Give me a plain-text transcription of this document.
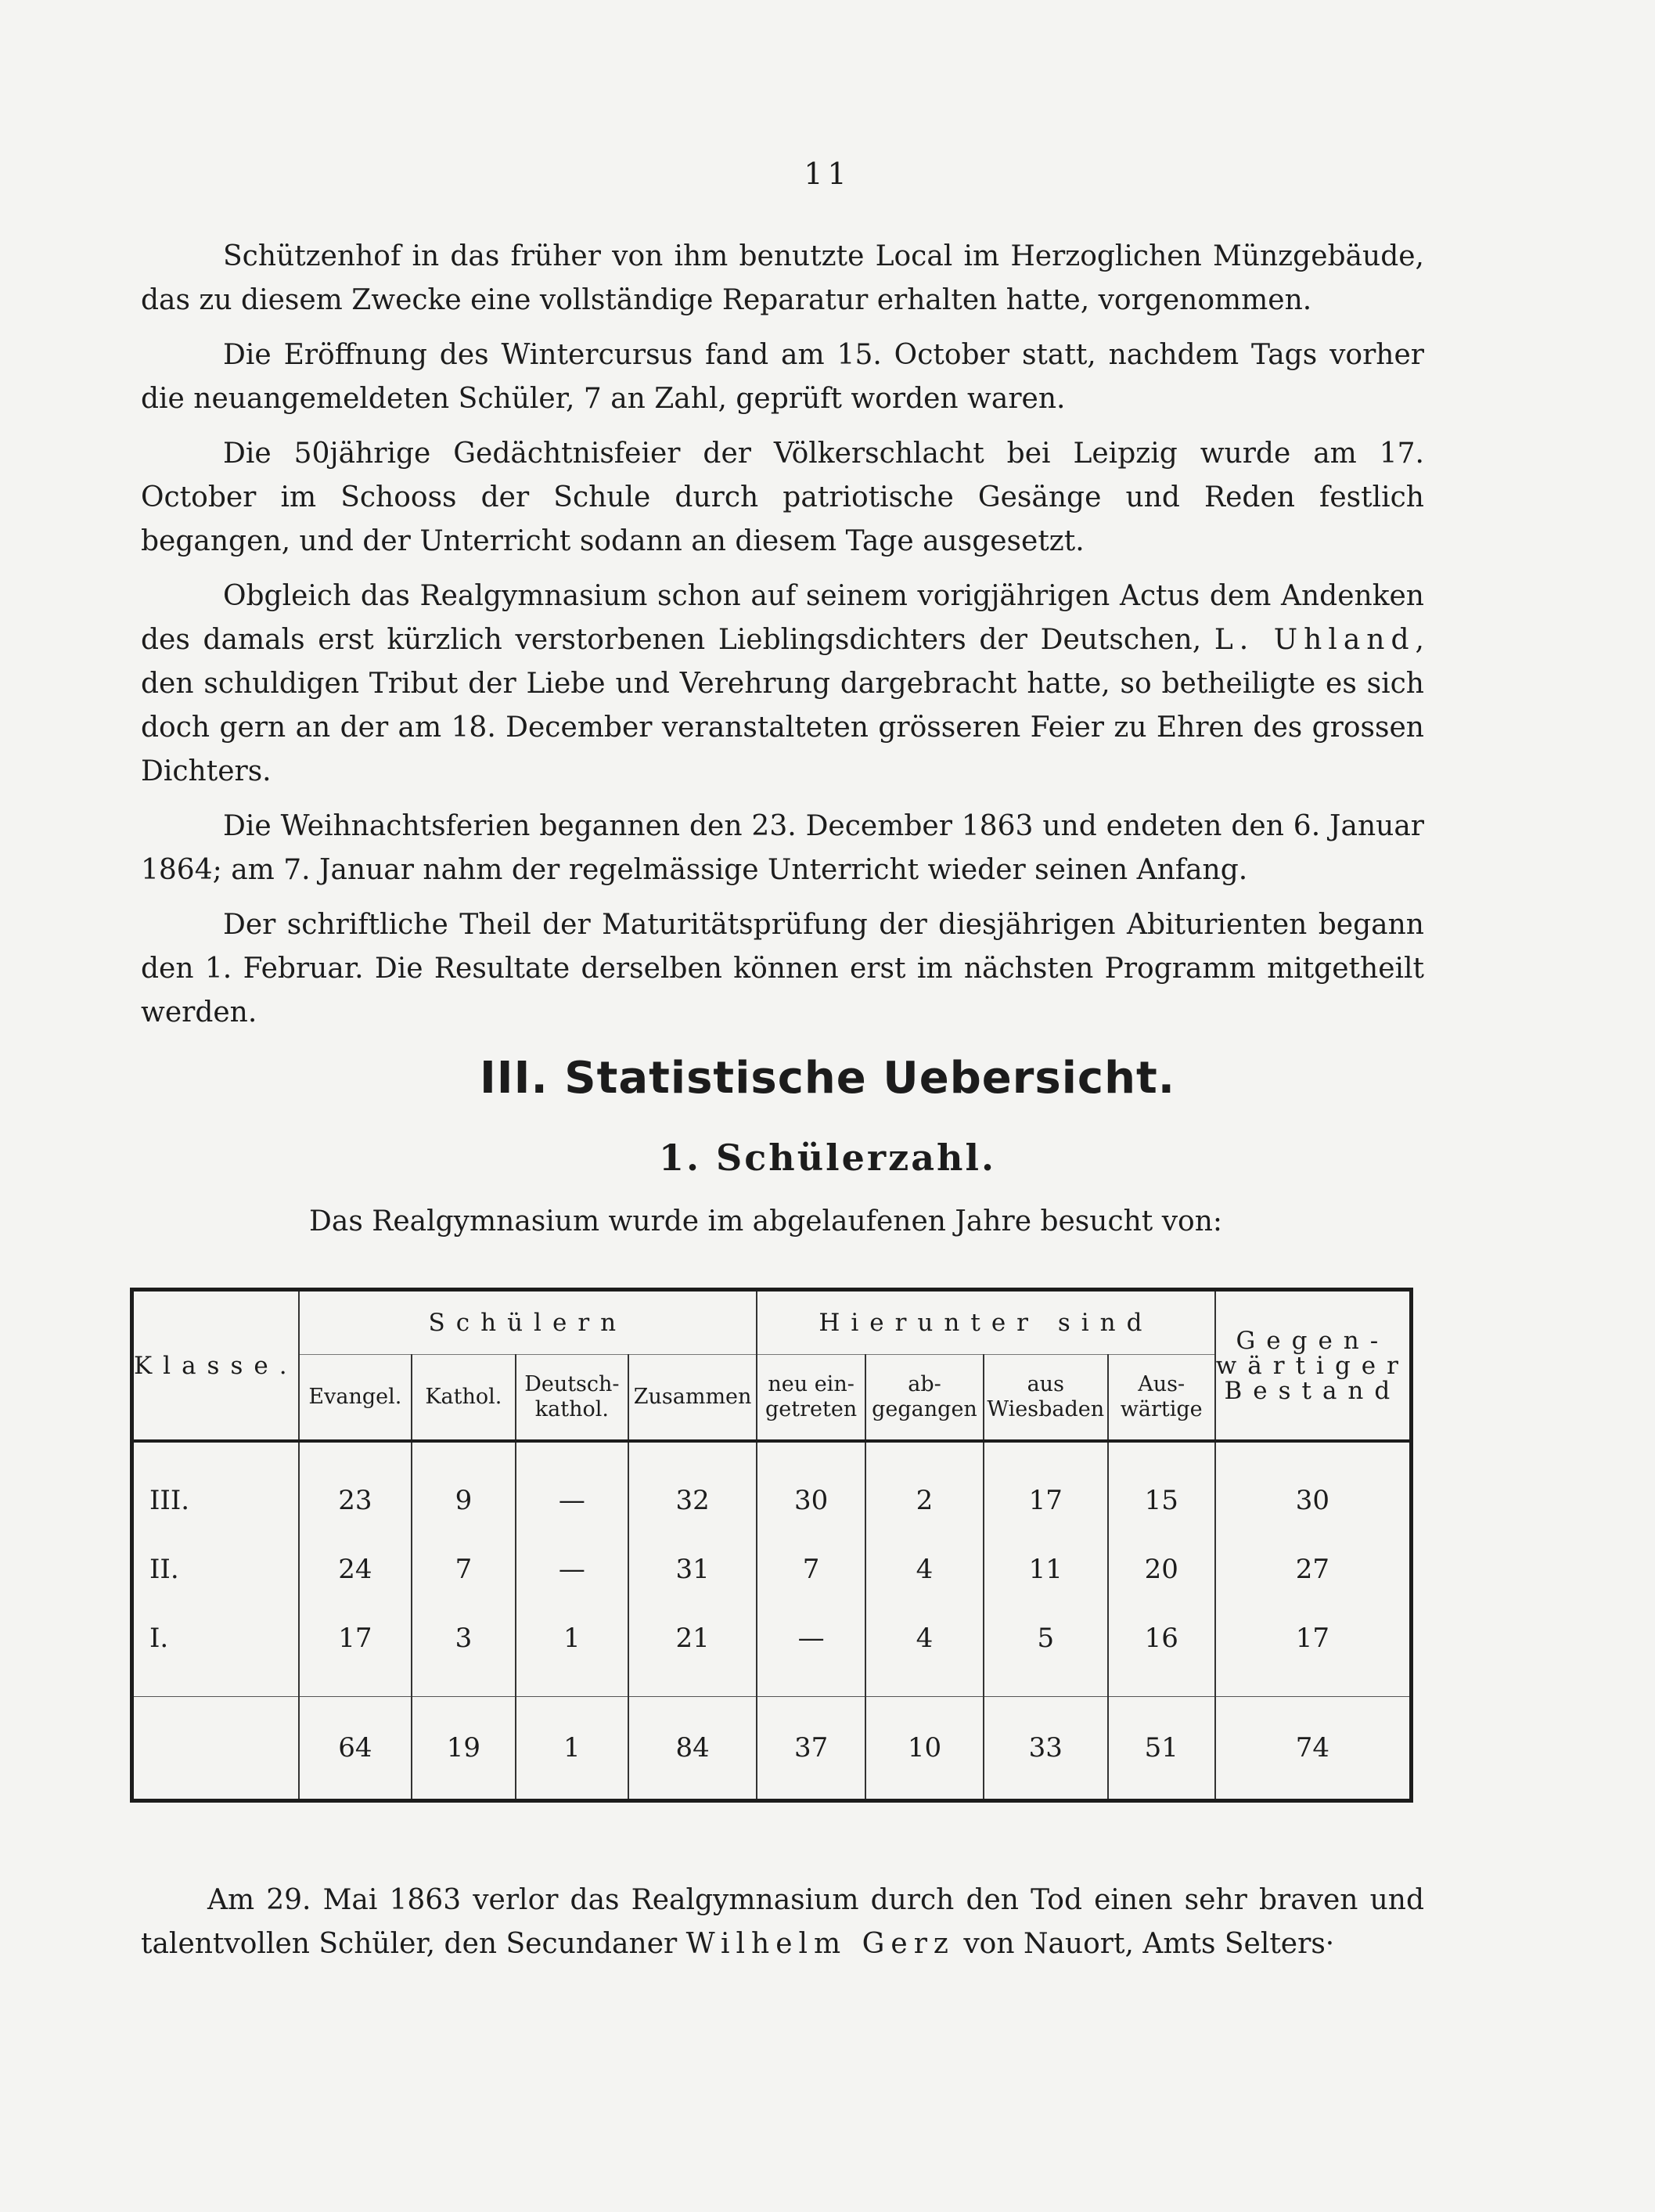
11

Schützenhof in das früher von ihm benutzte Local im Herzoglichen Münzgebäude, das zu diesem Zwecke eine vollständige Reparatur erhalten hatte, vorgenommen.

Die Eröffnung des Wintercursus fand am 15. October statt, nachdem Tags vorher die neuangemeldeten Schüler, 7 an Zahl, geprüft worden waren.

Die 50jährige Gedächtnisfeier der Völkerschlacht bei Leipzig wurde am 17. October im Schooss der Schule durch patriotische Gesänge und Reden festlich begangen, und der Unterricht sodann an diesem Tage ausgesetzt.

Obgleich das Realgymnasium schon auf seinem vorigjährigen Actus dem Andenken des damals erst kürzlich verstorbenen Lieblingsdichters der Deutschen, L. Uhland, den schuldigen Tribut der Liebe und Verehrung dargebracht hatte, so betheiligte es sich doch gern an der am 18. December veranstalteten grösseren Feier zu Ehren des grossen Dichters.

Die Weihnachtsferien begannen den 23. December 1863 und endeten den 6. Januar 1864; am 7. Januar nahm der regelmässige Unterricht wieder seinen Anfang.

Der schriftliche Theil der Maturitätsprüfung der diesjährigen Abiturienten begann den 1. Februar. Die Resultate derselben können erst im nächsten Programm mitgetheilt werden.

III. Statistische Uebersicht.
1. Schülerzahl.
Das Realgymnasium wurde im abgelaufenen Jahre besucht von:
Klasse.	Schülern				Hierunter sind				Gegen- wärtiger Bestand
	Evangel.	Kathol.	Deutsch- kathol.	Zusammen	neu ein- getreten	ab- gegangen	aus Wiesbaden	Aus- wärtige	
III.	23	9	—	32	30	2	17	15	30
II.	24	7	—	31	7	4	11	20	27
I.	17	3	1	21	—	4	5	16	17
	64	19	1	84	37	10	33	51	74

Am 29. Mai 1863 verlor das Realgymnasium durch den Tod einen sehr braven und talentvollen Schüler, den Secundaner Wilhelm Gerz von Nauort, Amts Selters·
